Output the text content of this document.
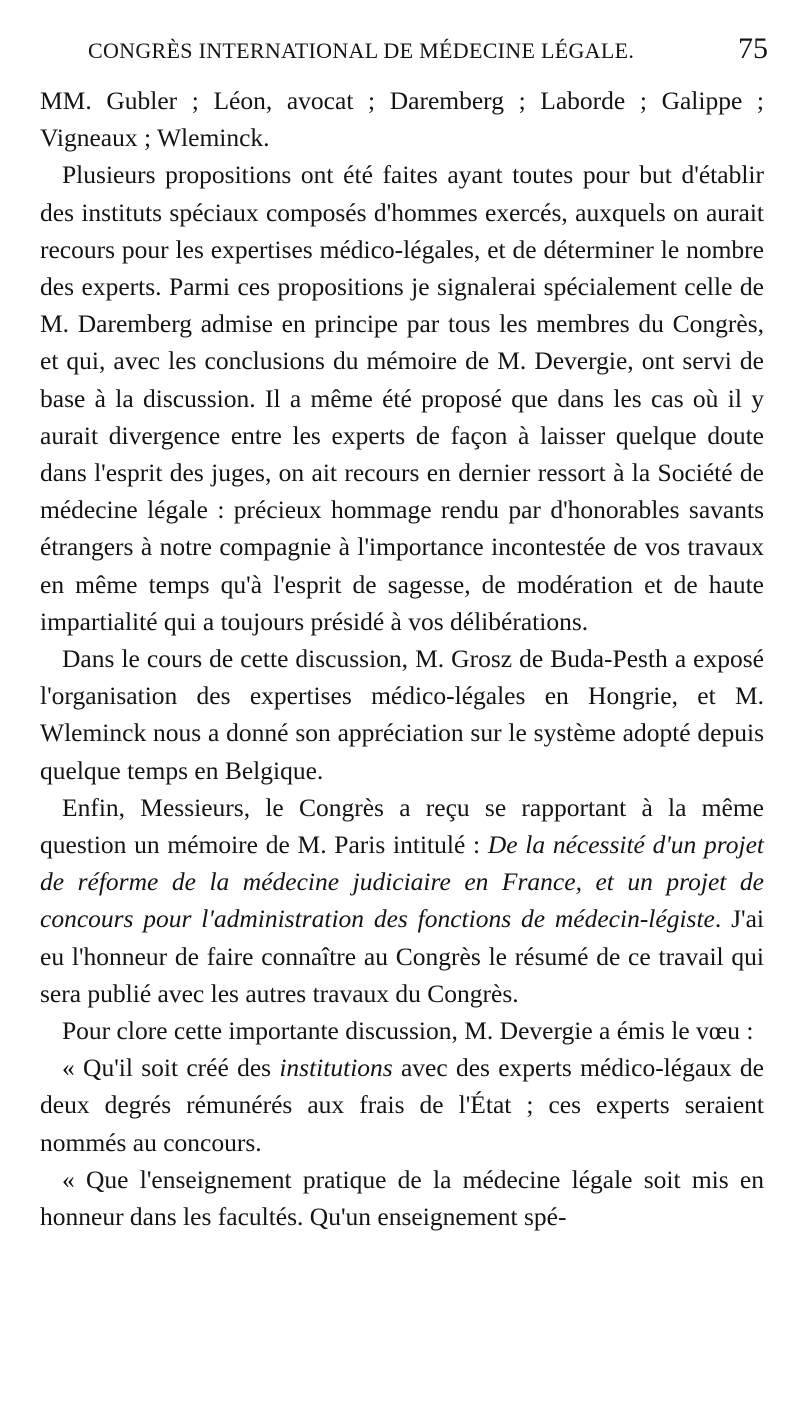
CONGRÈS INTERNATIONAL DE MÉDECINE LÉGALE.	75

MM. Gubler ; Léon, avocat ; Daremberg ; Laborde ; Galippe ; Vigneaux ; Wleminck.

Plusieurs propositions ont été faites ayant toutes pour but d'établir des instituts spéciaux composés d'hommes exercés, auxquels on aurait recours pour les expertises médico-légales, et de déterminer le nombre des experts. Parmi ces propositions je signalerai spécialement celle de M. Daremberg admise en principe par tous les membres du Congrès, et qui, avec les conclusions du mémoire de M. Devergie, ont servi de base à la discussion. Il a même été proposé que dans les cas où il y aurait divergence entre les experts de façon à laisser quelque doute dans l'esprit des juges, on ait recours en dernier ressort à la Société de médecine légale : précieux hommage rendu par d'honorables savants étrangers à notre compagnie à l'importance incontestée de vos travaux en même temps qu'à l'esprit de sagesse, de modération et de haute impartialité qui a toujours présidé à vos délibérations.

Dans le cours de cette discussion, M. Grosz de Buda-Pesth a exposé l'organisation des expertises médico-légales en Hongrie, et M. Wleminck nous a donné son appréciation sur le système adopté depuis quelque temps en Belgique.

Enfin, Messieurs, le Congrès a reçu se rapportant à la même question un mémoire de M. Paris intitulé : De la nécessité d'un projet de réforme de la médecine judiciaire en France, et un projet de concours pour l'administration des fonctions de médecin-légiste. J'ai eu l'honneur de faire connaître au Congrès le résumé de ce travail qui sera publié avec les autres travaux du Congrès.

Pour clore cette importante discussion, M. Devergie a émis le vœu :

« Qu'il soit créé des institutions avec des experts médico-légaux de deux degrés rémunérés aux frais de l'État ; ces experts seraient nommés au concours.

« Que l'enseignement pratique de la médecine légale soit mis en honneur dans les facultés. Qu'un enseignement spé-
